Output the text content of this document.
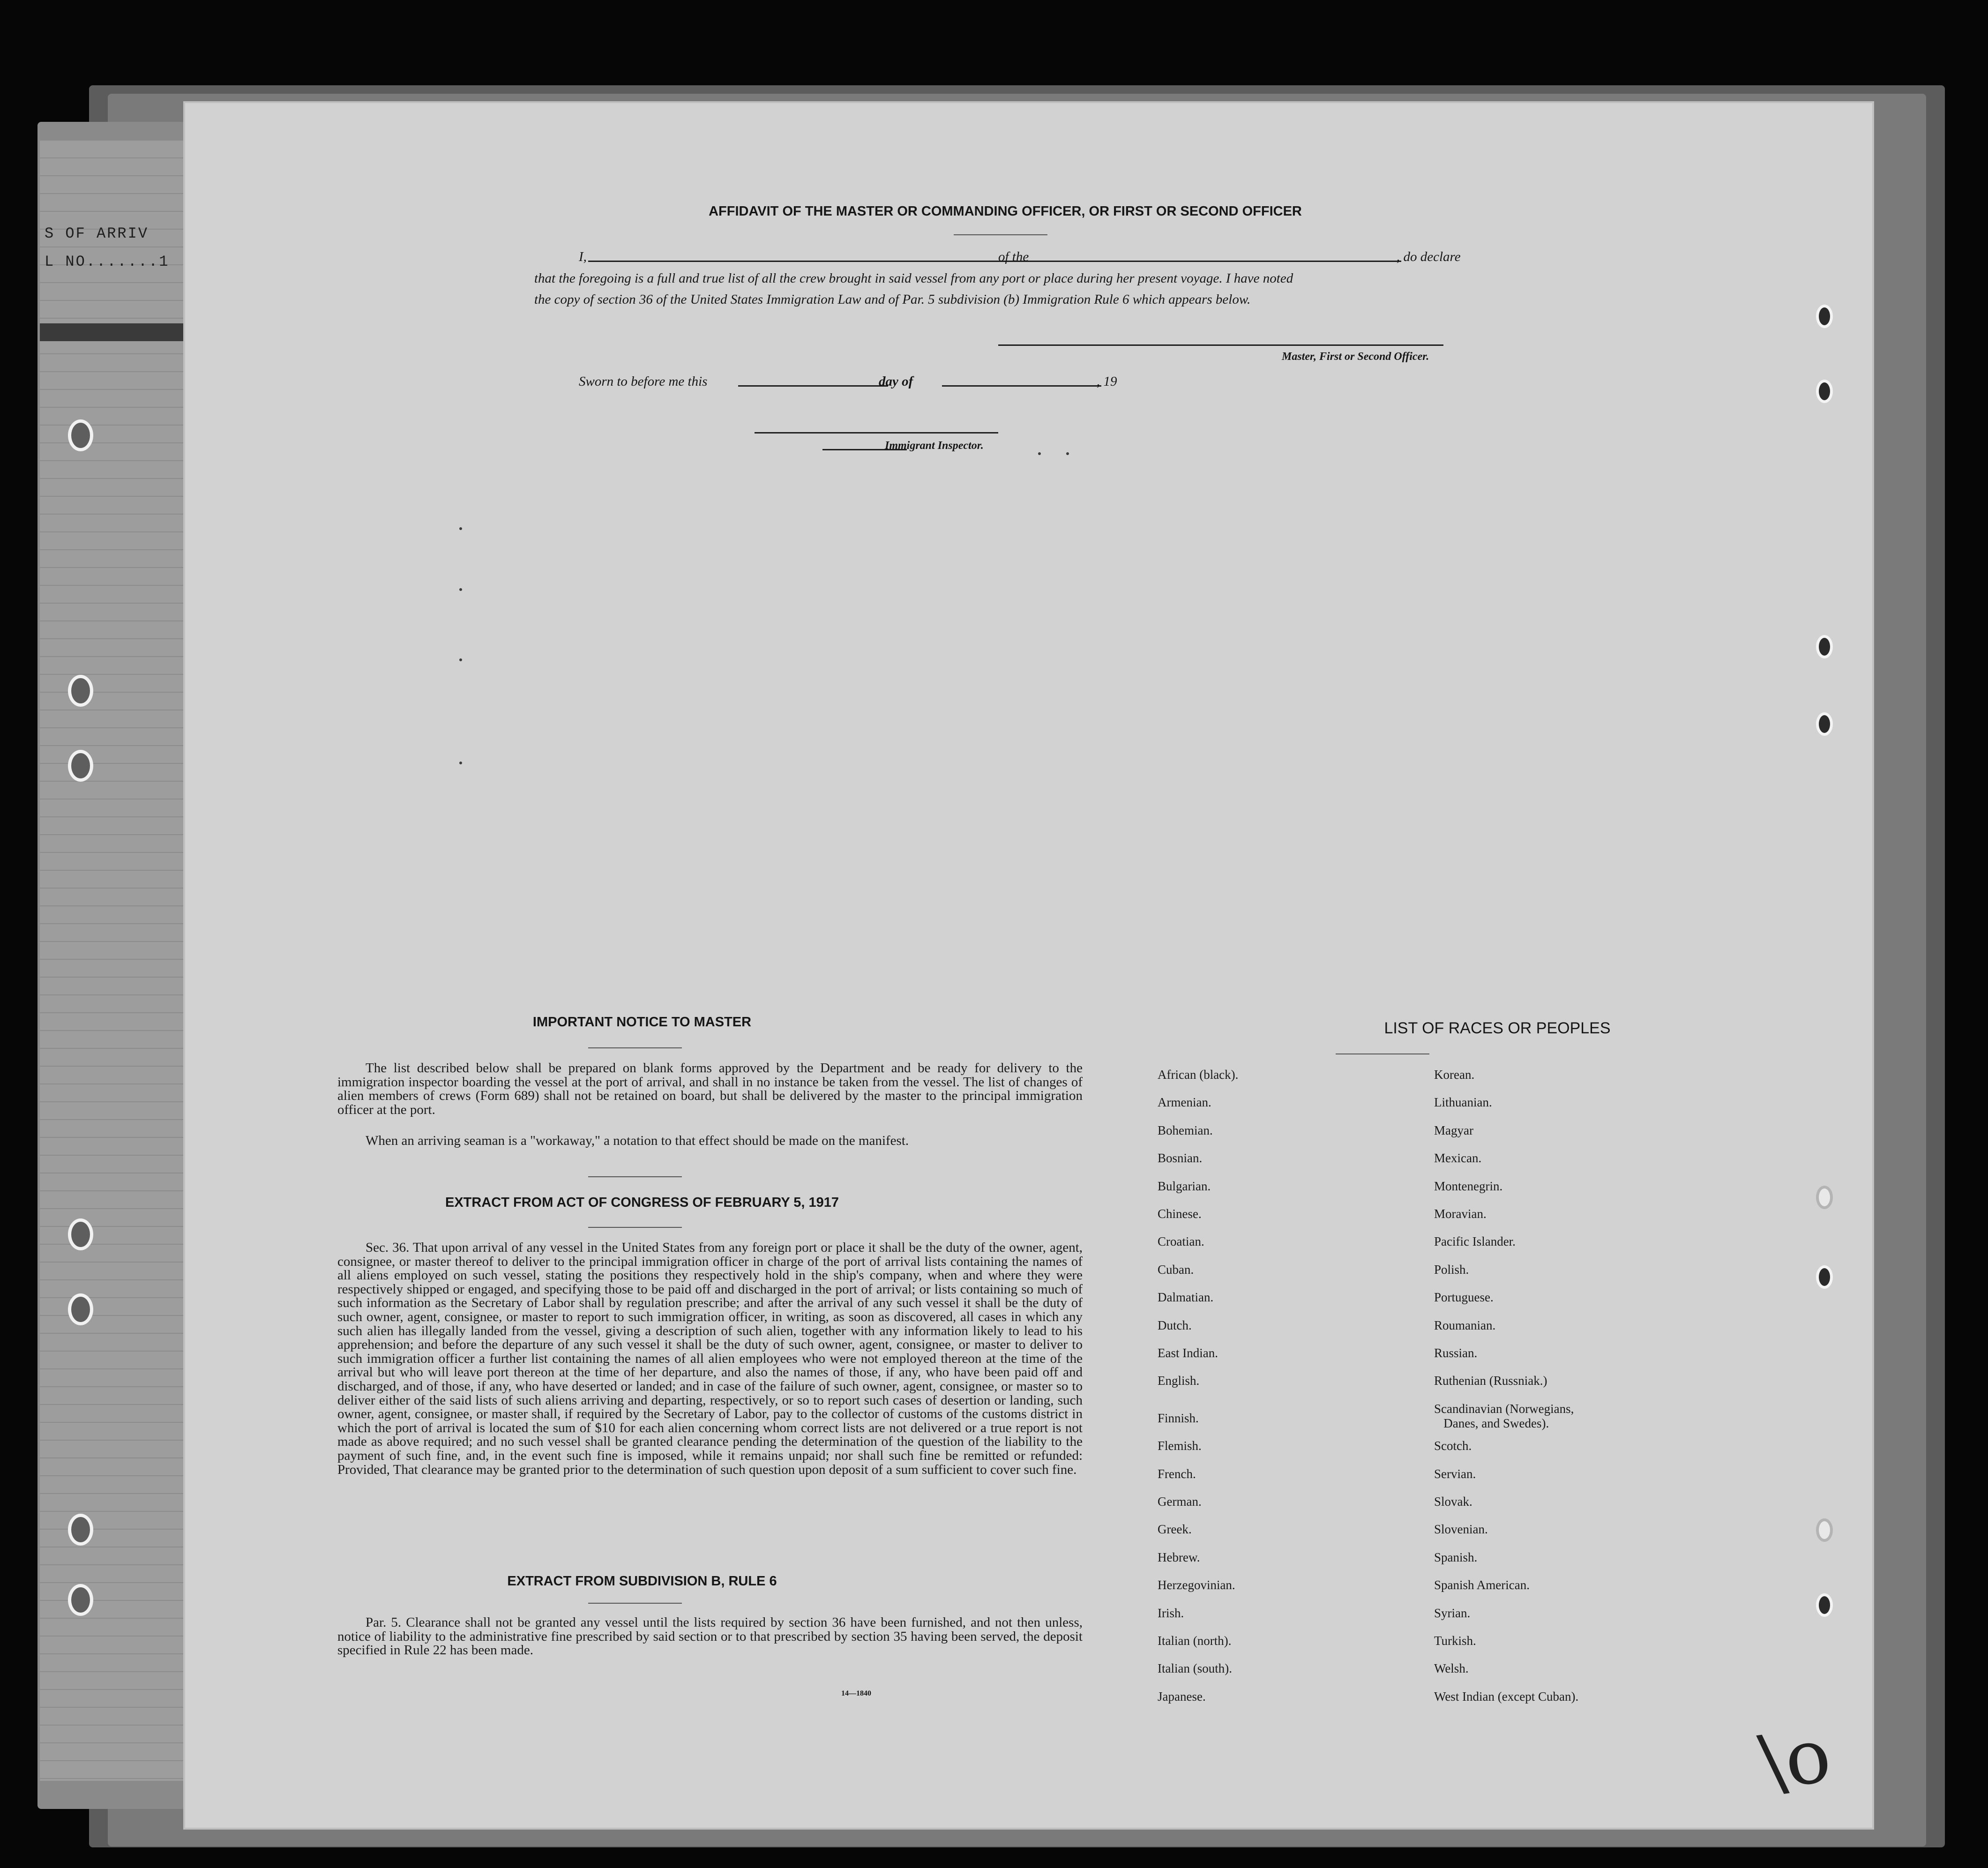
S OF ARRIV
L NO.......1
AFFIDAVIT OF THE MASTER OR COMMANDING OFFICER, OR FIRST OR SECOND OFFICER
I,	of the	, do declare
that the foregoing is a full and true list of all the crew brought in said vessel from any port or place during her present voyage. I have noted
the copy of section 36 of the United States Immigration Law and of Par. 5 subdivision (b) Immigration Rule 6 which appears below.
Master, First or Second Officer.
Sworn to before me this	day of	, 19
Immigrant Inspector.
IMPORTANT NOTICE TO MASTER
The list described below shall be prepared on blank forms approved by the Department and be ready for delivery to the immigration inspector boarding the vessel at the port of arrival, and shall in no instance be taken from the vessel. The list of changes of alien members of crews (Form 689) shall not be retained on board, but shall be delivered by the master to the principal immigration officer at the port.
When an arriving seaman is a "workaway," a notation to that effect should be made on the manifest.
EXTRACT FROM ACT OF CONGRESS OF FEBRUARY 5, 1917
Sec. 36. That upon arrival of any vessel in the United States from any foreign port or place it shall be the duty of the owner, agent, consignee, or master thereof to deliver to the principal immigration officer in charge of the port of arrival lists containing the names of all aliens employed on such vessel, stating the positions they respectively hold in the ship's company, when and where they were respectively shipped or engaged, and specifying those to be paid off and discharged in the port of arrival; or lists containing so much of such information as the Secretary of Labor shall by regulation prescribe; and after the arrival of any such vessel it shall be the duty of such owner, agent, consignee, or master to report to such immigration officer, in writing, as soon as discovered, all cases in which any such alien has illegally landed from the vessel, giving a description of such alien, together with any information likely to lead to his apprehension; and before the departure of any such vessel it shall be the duty of such owner, agent, consignee, or master to deliver to such immigration officer a further list containing the names of all alien employees who were not employed thereon at the time of the arrival but who will leave port thereon at the time of her departure, and also the names of those, if any, who have been paid off and discharged, and of those, if any, who have deserted or landed; and in case of the failure of such owner, agent, consignee, or master so to deliver either of the said lists of such aliens arriving and departing, respectively, or so to report such cases of desertion or landing, such owner, agent, consignee, or master shall, if required by the Secretary of Labor, pay to the collector of customs of the customs district in which the port of arrival is located the sum of $10 for each alien concerning whom correct lists are not delivered or a true report is not made as above required; and no such vessel shall be granted clearance pending the determination of the question of the liability to the payment of such fine, and, in the event such fine is imposed, while it remains unpaid; nor shall such fine be remitted or refunded: Provided, That clearance may be granted prior to the determination of such question upon deposit of a sum sufficient to cover such fine.
EXTRACT FROM SUBDIVISION B, RULE 6
Par. 5. Clearance shall not be granted any vessel until the lists required by section 36 have been furnished, and not then unless, notice of liability to the administrative fine prescribed by said section or to that prescribed by section 35 having been served, the deposit specified in Rule 22 has been made.
14—1840
LIST OF RACES OR PEOPLES
\o
African (black).
Armenian.
Bohemian.
Bosnian.
Bulgarian.
Chinese.
Croatian.
Cuban.
Dalmatian.
Dutch.
East Indian.
English.
Finnish.
Flemish.
French.
German.
Greek.
Hebrew.
Herzegovinian.
Irish.
Italian (north).
Italian (south).
Japanese.
Korean.
Lithuanian.
Magyar
Mexican.
Montenegrin.
Moravian.
Pacific Islander.
Polish.
Portuguese.
Roumanian.
Russian.
Ruthenian (Russniak.)
Scandinavian (Norwegians,
Danes, and Swedes).
Scotch.
Servian.
Slovak.
Slovenian.
Spanish.
Spanish American.
Syrian.
Turkish.
Welsh.
West Indian (except Cuban).
